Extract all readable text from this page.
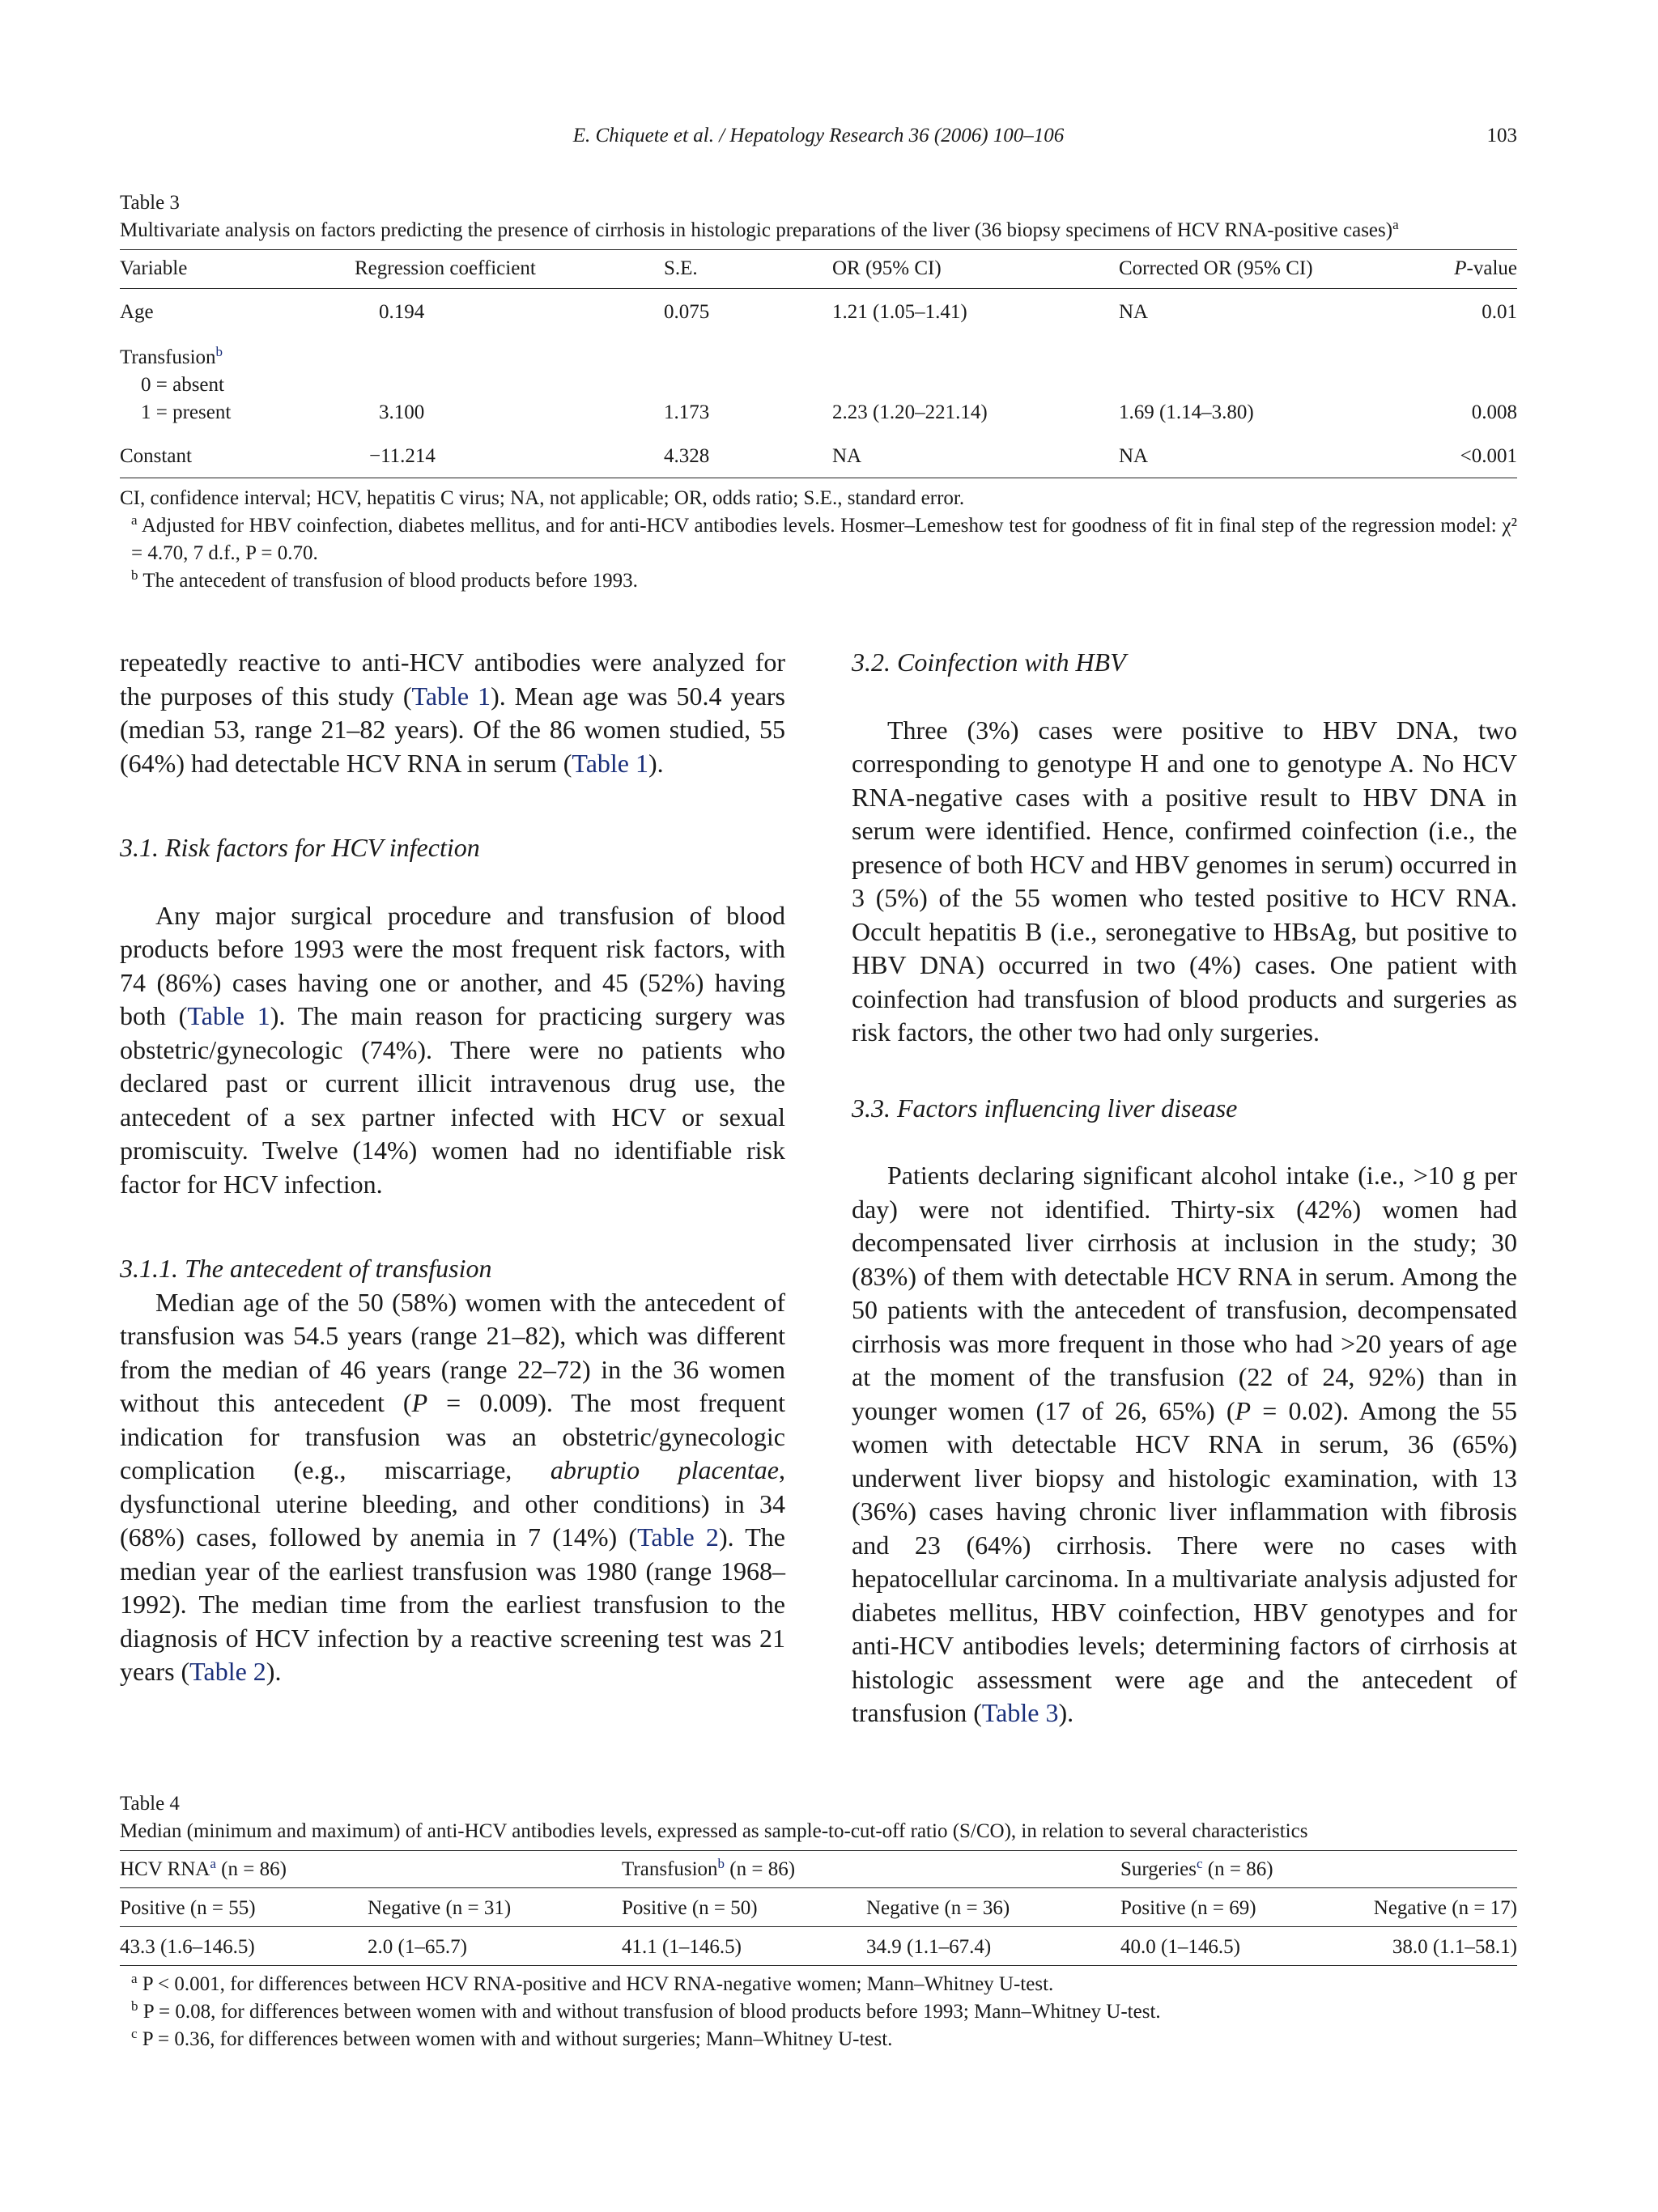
E. Chiquete et al. / Hepatology Research 36 (2006) 100–106	103

Table 3

Multivariate analysis on factors predicting the presence of cirrhosis in histologic preparations of the liver (36 biopsy specimens of HCV RNA-positive cases)$^a$

Variable	Regression coefficient	S.E.	OR (95% CI)	Corrected OR (95% CI)	P-value
Age	0.194	0.075	1.21 (1.05–1.41)	NA	0.01
Transfusion$^b$
0 = absent					
1 = present	3.100	1.173	2.23 (1.20–221.14)	1.69 (1.14–3.80)	0.008
Constant	−11.214	4.328	NA	NA	<0.001

CI, confidence interval; HCV, hepatitis C virus; NA, not applicable; OR, odds ratio; S.E., standard error.

$^a$ Adjusted for HBV coinfection, diabetes mellitus, and for anti-HCV antibodies levels. Hosmer–Lemeshow test for goodness of fit in final step of the regression model: χ² = 4.70, 7 d.f., P = 0.70.

$^b$ The antecedent of transfusion of blood products before 1993.

repeatedly reactive to anti-HCV antibodies were analyzed for the purposes of this study (Table 1). Mean age was 50.4 years (median 53, range 21–82 years). Of the 86 women studied, 55 (64%) had detectable HCV RNA in serum (Table 1).

3.1. Risk factors for HCV infection

Any major surgical procedure and transfusion of blood products before 1993 were the most frequent risk factors, with 74 (86%) cases having one or another, and 45 (52%) having both (Table 1). The main reason for practicing surgery was obstetric/gynecologic (74%). There were no patients who declared past or current illicit intravenous drug use, the antecedent of a sex partner infected with HCV or sexual promiscuity. Twelve (14%) women had no identifiable risk factor for HCV infection.

3.1.1. The antecedent of transfusion

Median age of the 50 (58%) women with the antecedent of transfusion was 54.5 years (range 21–82), which was different from the median of 46 years (range 22–72) in the 36 women without this antecedent (P = 0.009). The most frequent indication for transfusion was an obstetric/gynecologic complication (e.g., miscarriage, abruptio placentae, dysfunctional uterine bleeding, and other conditions) in 34 (68%) cases, followed by anemia in 7 (14%) (Table 2). The median year of the earliest transfusion was 1980 (range 1968–1992). The median time from the earliest transfusion to the diagnosis of HCV infection by a reactive screening test was 21 years (Table 2).

3.2. Coinfection with HBV

Three (3%) cases were positive to HBV DNA, two corresponding to genotype H and one to genotype A. No HCV RNA-negative cases with a positive result to HBV DNA in serum were identified. Hence, confirmed coinfection (i.e., the presence of both HCV and HBV genomes in serum) occurred in 3 (5%) of the 55 women who tested positive to HCV RNA. Occult hepatitis B (i.e., seronegative to HBsAg, but positive to HBV DNA) occurred in two (4%) cases. One patient with coinfection had transfusion of blood products and surgeries as risk factors, the other two had only surgeries.

3.3. Factors influencing liver disease

Patients declaring significant alcohol intake (i.e., >10 g per day) were not identified. Thirty-six (42%) women had decompensated liver cirrhosis at inclusion in the study; 30 (83%) of them with detectable HCV RNA in serum. Among the 50 patients with the antecedent of transfusion, decompensated cirrhosis was more frequent in those who had >20 years of age at the moment of the transfusion (22 of 24, 92%) than in younger women (17 of 26, 65%) (P = 0.02). Among the 55 women with detectable HCV RNA in serum, 36 (65%) underwent liver biopsy and histologic examination, with 13 (36%) cases having chronic liver inflammation with fibrosis and 23 (64%) cirrhosis. There were no cases with hepatocellular carcinoma. In a multivariate analysis adjusted for diabetes mellitus, HBV coinfection, HBV genotypes and for anti-HCV antibodies levels; determining factors of cirrhosis at histologic assessment were age and the antecedent of transfusion (Table 3).

Table 4

Median (minimum and maximum) of anti-HCV antibodies levels, expressed as sample-to-cut-off ratio (S/CO), in relation to several characteristics

HCV RNA$^a$ (n = 86)		Transfusion$^b$ (n = 86)		Surgeries$^c$ (n = 86)	
Positive (n = 55)	Negative (n = 31)	Positive (n = 50)	Negative (n = 36)	Positive (n = 69)	Negative (n = 17)
43.3 (1.6–146.5)	2.0 (1–65.7)	41.1 (1–146.5)	34.9 (1.1–67.4)	40.0 (1–146.5)	38.0 (1.1–58.1)

$^a$ P < 0.001, for differences between HCV RNA-positive and HCV RNA-negative women; Mann–Whitney U-test.

$^b$ P = 0.08, for differences between women with and without transfusion of blood products before 1993; Mann–Whitney U-test.

$^c$ P = 0.36, for differences between women with and without surgeries; Mann–Whitney U-test.
